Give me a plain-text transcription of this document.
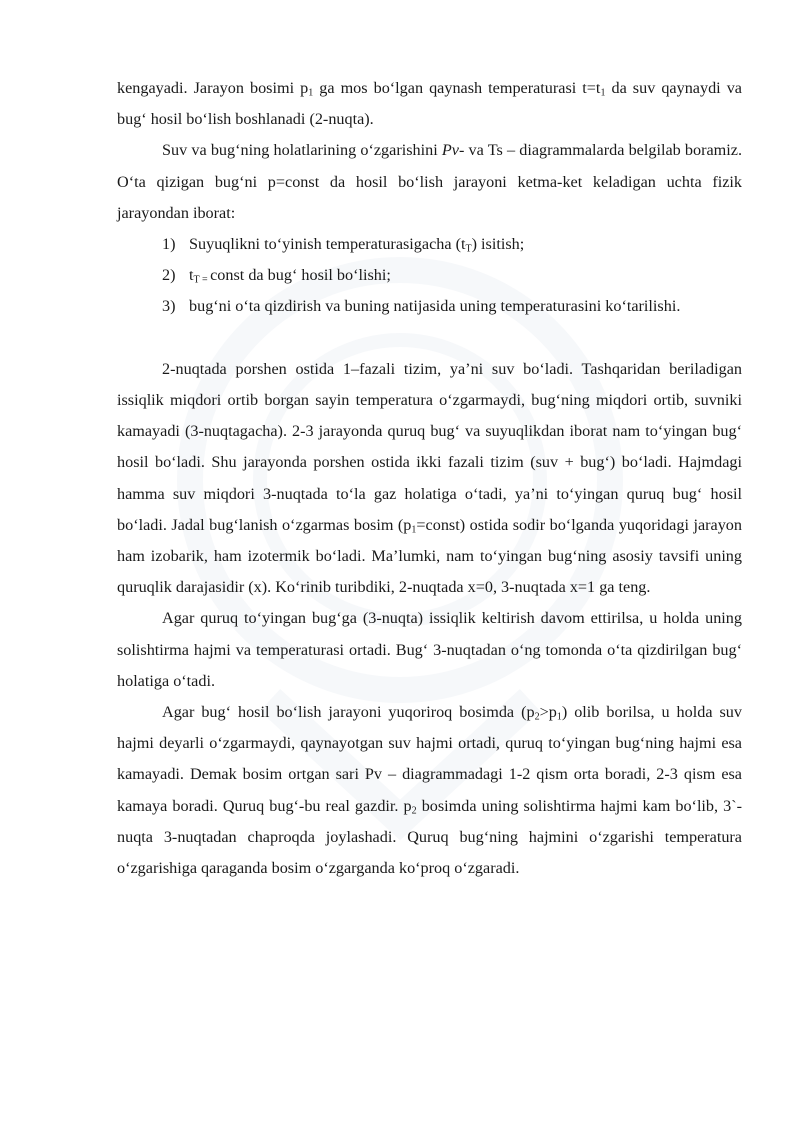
kengayadi. Jarayon bosimi $p_1$ ga mos bo‘lgan qaynash temperaturasi $t=t_1$ da suv qaynaydi va bug‘ hosil bo‘lish boshlanadi (2-nuqta).

Suv va bug‘ning holatlarining o‘zgarishini Pv- va Ts – diagrammalarda belgilab boramiz. O‘ta qizigan bug‘ni p=const da hosil bo‘lish jarayoni ketma-ket keladigan uchta fizik jarayondan iborat:

1) Suyuqlikni to‘yinish temperaturasigacha $(t_T)$ isitish;
2) $t_{T =}$ const da bug‘ hosil bo‘lishi;
3) bug‘ni o‘ta qizdirish va buning natijasida uning temperaturasini ko‘tarilishi.

2-nuqtada porshen ostida 1–fazali tizim, ya’ni suv bo‘ladi. Tashqaridan beriladigan issiqlik miqdori ortib borgan sayin temperatura o‘zgarmaydi, bug‘ning miqdori ortib, suvniki kamayadi (3-nuqtagacha). 2-3 jarayonda quruq bug‘ va suyuqlikdan iborat nam to‘yingan bug‘ hosil bo‘ladi. Shu jarayonda porshen ostida ikki fazali tizim (suv + bug‘) bo‘ladi. Hajmdagi hamma suv miqdori 3-nuqtada to‘la gaz holatiga o‘tadi, ya’ni to‘yingan quruq bug‘ hosil bo‘ladi. Jadal bug‘lanish o‘zgarmas bosim $(p_1=const)$ ostida sodir bo‘lganda yuqoridagi jarayon ham izobarik, ham izotermik bo‘ladi. Ma’lumki, nam to‘yingan bug‘ning asosiy tavsifi uning quruqlik darajasidir (x). Ko‘rinib turibdiki, 2-nuqtada x=0, 3-nuqtada x=1 ga teng.

Agar quruq to‘yingan bug‘ga (3-nuqta) issiqlik keltirish davom ettirilsa, u holda uning solishtirma hajmi va temperaturasi ortadi. Bug‘ 3-nuqtadan o‘ng tomonda o‘ta qizdirilgan bug‘ holatiga o‘tadi.

Agar bug‘ hosil bo‘lish jarayoni yuqoriroq bosimda $(p_2>p_1)$ olib borilsa, u holda suv hajmi deyarli o‘zgarmaydi, qaynayotgan suv hajmi ortadi, quruq to‘yingan bug‘ning hajmi esa kamayadi. Demak bosim ortgan sari Pv – diagrammadagi 1-2 qism orta boradi, 2-3 qism esa kamaya boradi. Quruq bug‘-bu real gazdir. $p_2$ bosimda uning solishtirma hajmi kam bo‘lib, 3`-nuqta 3-nuqtadan chaproqda joylashadi. Quruq bug‘ning hajmini o‘zgarishi temperatura o‘zgarishiga qaraganda bosim o‘zgarganda ko‘proq o‘zgaradi.
